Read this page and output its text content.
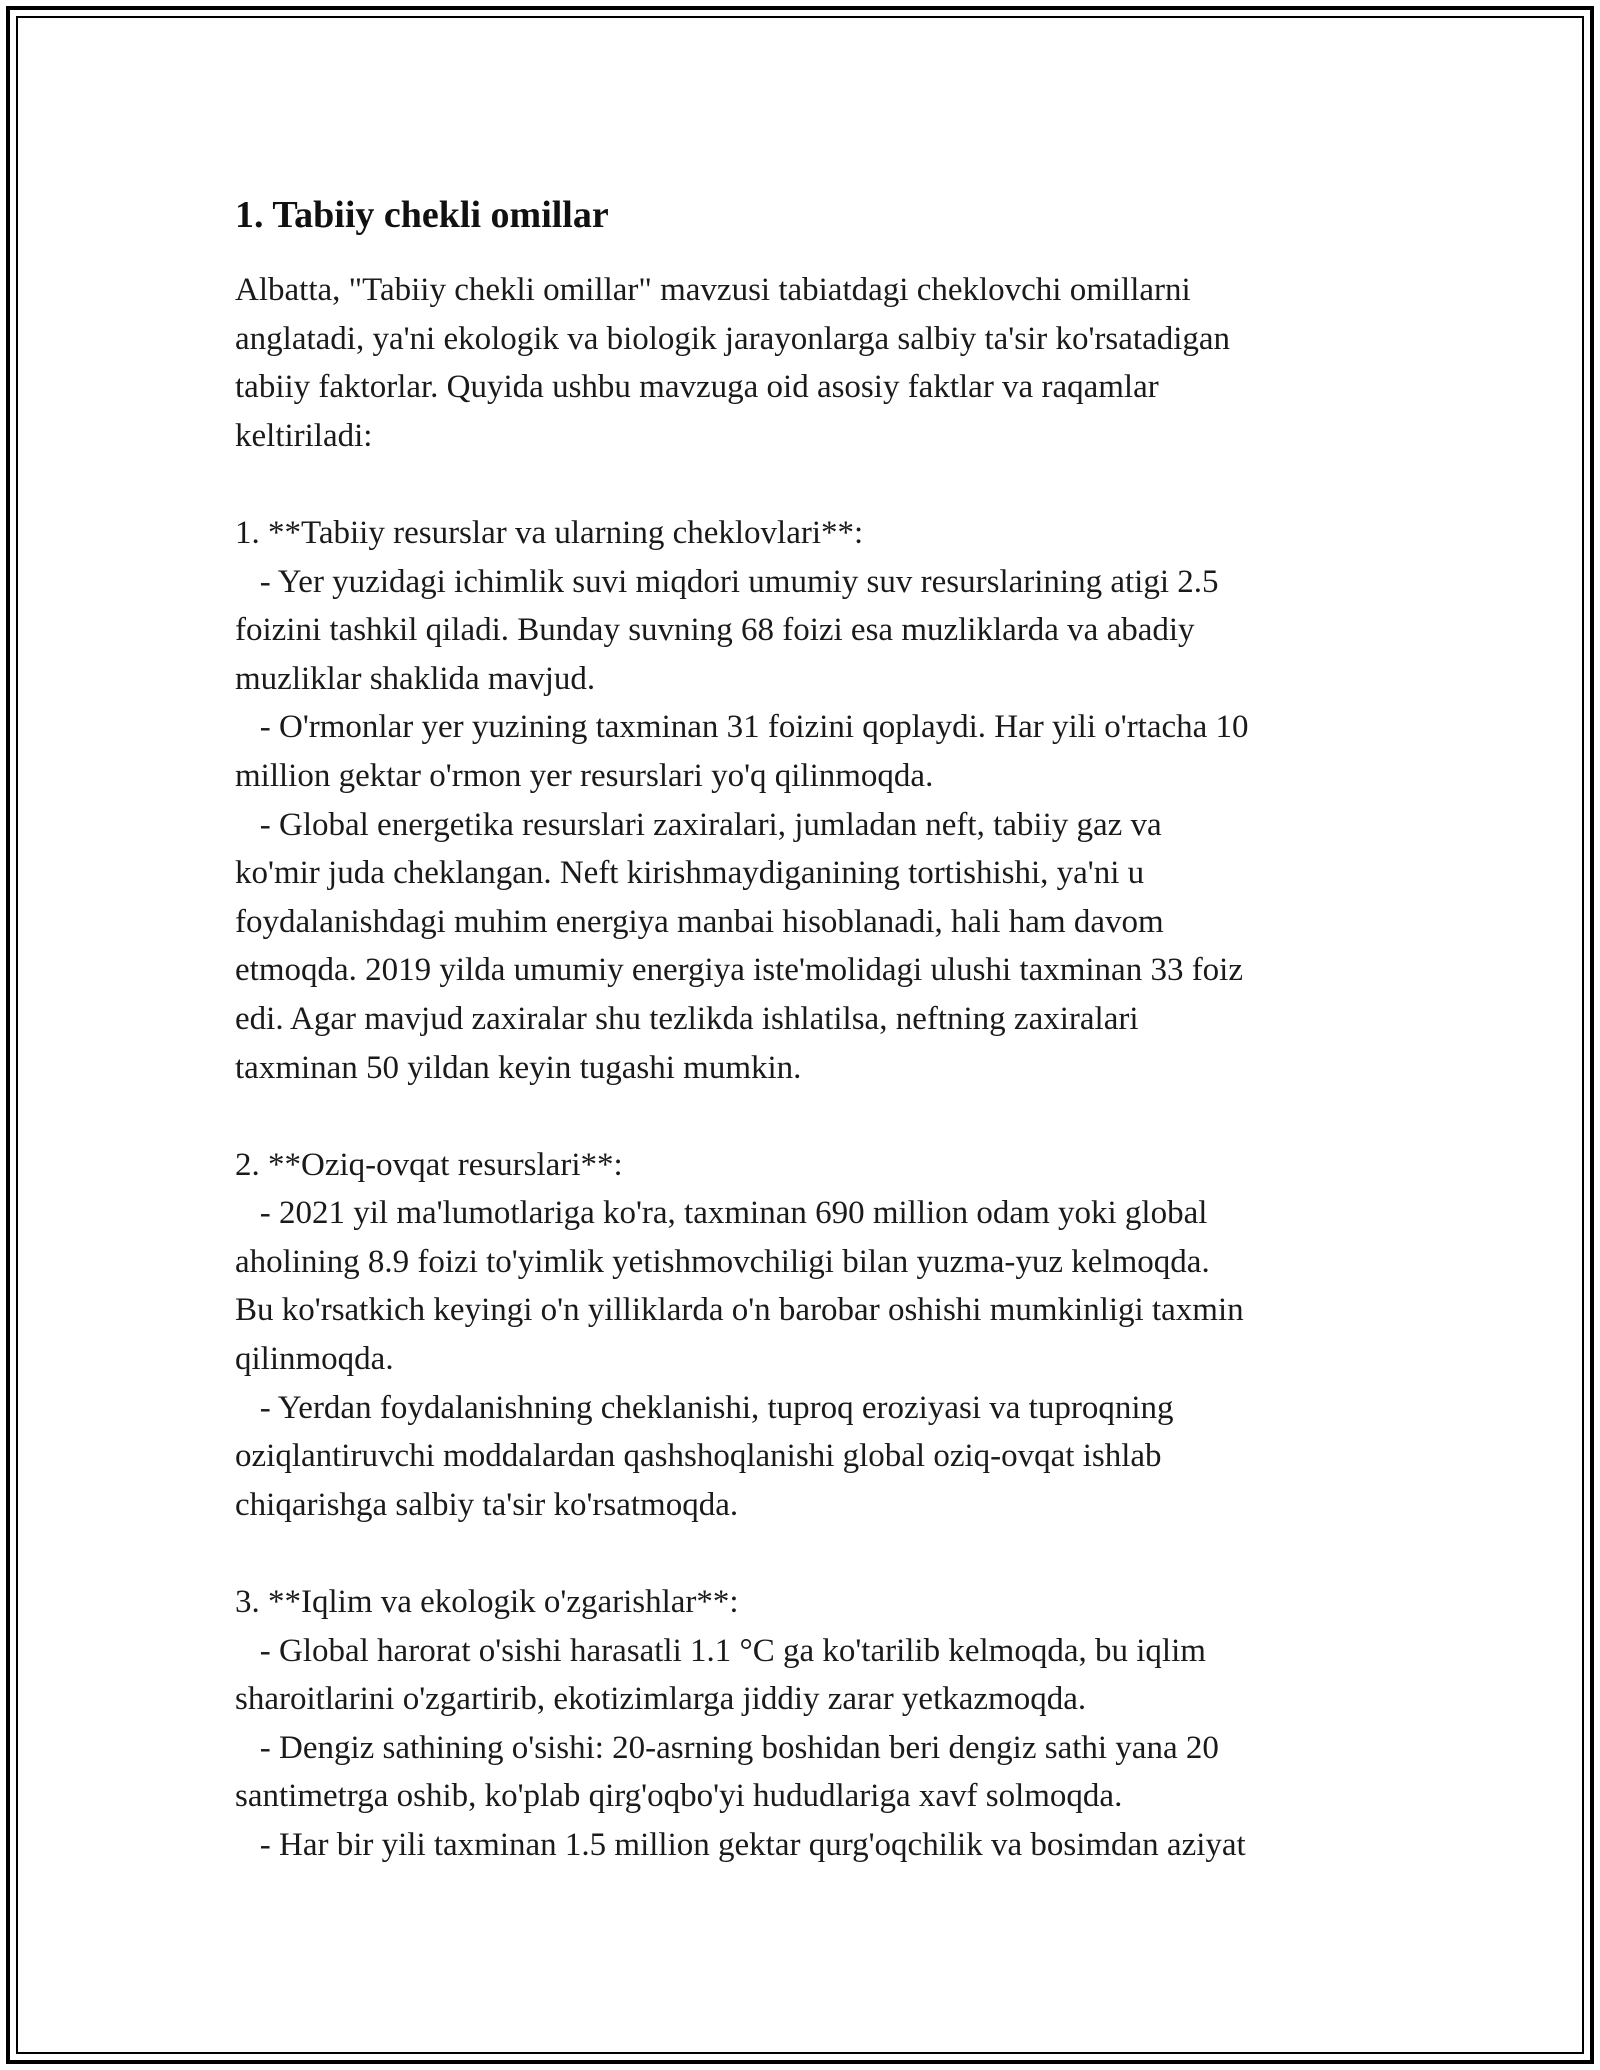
1. Tabiiy chekli omillar

Albatta, "Tabiiy chekli omillar" mavzusi tabiatdagi cheklovchi omillarni
anglatadi, ya'ni ekologik va biologik jarayonlarga salbiy ta'sir ko'rsatadigan
tabiiy faktorlar. Quyida ushbu mavzuga oid asosiy faktlar va raqamlar
keltiriladi:

1. **Tabiiy resurslar va ularning cheklovlari**:
- Yer yuzidagi ichimlik suvi miqdori umumiy suv resurslarining atigi 2.5
foizini tashkil qiladi. Bunday suvning 68 foizi esa muzliklarda va abadiy
muzliklar shaklida mavjud.
- O'rmonlar yer yuzining taxminan 31 foizini qoplaydi. Har yili o'rtacha 10
million gektar o'rmon yer resurslari yo'q qilinmoqda.
- Global energetika resurslari zaxiralari, jumladan neft, tabiiy gaz va
ko'mir juda cheklangan. Neft kirishmaydiganining tortishishi, ya'ni u
foydalanishdagi muhim energiya manbai hisoblanadi, hali ham davom
etmoqda. 2019 yilda umumiy energiya iste'molidagi ulushi taxminan 33 foiz
edi. Agar mavjud zaxiralar shu tezlikda ishlatilsa, neftning zaxiralari
taxminan 50 yildan keyin tugashi mumkin.

2. **Oziq-ovqat resurslari**:
- 2021 yil ma'lumotlariga ko'ra, taxminan 690 million odam yoki global
aholining 8.9 foizi to'yimlik yetishmovchiligi bilan yuzma-yuz kelmoqda.
Bu ko'rsatkich keyingi o'n yilliklarda o'n barobar oshishi mumkinligi taxmin
qilinmoqda.
- Yerdan foydalanishning cheklanishi, tuproq eroziyasi va tuproqning
oziqlantiruvchi moddalardan qashshoqlanishi global oziq-ovqat ishlab
chiqarishga salbiy ta'sir ko'rsatmoqda.

3. **Iqlim va ekologik o'zgarishlar**:
- Global harorat o'sishi harasatli 1.1 °C ga ko'tarilib kelmoqda, bu iqlim
sharoitlarini o'zgartirib, ekotizimlarga jiddiy zarar yetkazmoqda.
- Dengiz sathining o'sishi: 20-asrning boshidan beri dengiz sathi yana 20
santimetrga oshib, ko'plab qirg'oqbo'yi hududlariga xavf solmoqda.
- Har bir yili taxminan 1.5 million gektar qurg'oqchilik va bosimdan aziyat
